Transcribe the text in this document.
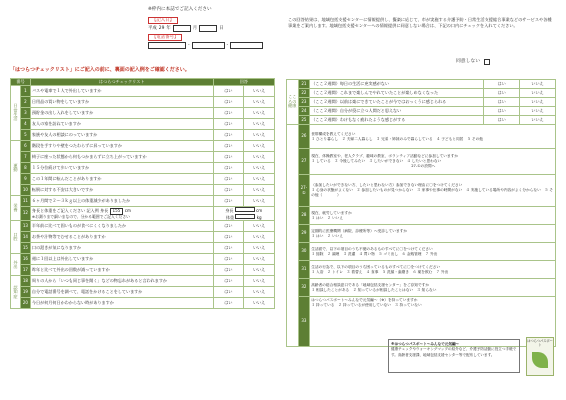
※枠内に本誌でご記入ください
【記入日】
平成 29 年	月	日
【電話番号】
-	-
この回答結果は、地域包括支援センターに情報提供し、擬楽に応じて、市が実施する介護予防・日常生活支援総合事業などのサービスや各種事業をご案内します。地域包括支援センターへの情報提供に同意しない場合は、下記の口内にチェックを入れてください。
同意しない
「はつらつチェックリスト」にご記入の前に、裏面の記入例をご確認ください。
番号		はつらつチェックリスト	回答	
日常生活	1	バスや電車で１人で外出していますか	はい	いいえ
	2	日用品の買い物をしていますか	はい	いいえ
	3	預貯金の出し入れをしていますか	はい	いいえ
	4	友人の家を訪ねていますか	はい	いいえ
	5	家族や友人の相談にのっていますか	はい	いいえ
運動	6	階段を手すりや壁をつたわらずに昇っていますか	はい	いいえ
	7	椅子に座った状態から何もつかまらずに立ち上がっていますか	はい	いいえ
	8	１５分位続けて歩いていますか	はい	いいえ
	9	この１年間に転んだことがありますか	はい	いいえ
	10	転倒に対する不安は大きいですか	はい	いいえ
栄養	11	６ヶ月間で２～３ｋｇ以上の体重減少がありましたか	はい	いいえ
	12	身長と体重をご記入ください 記入例 身長 155 cm
※お測りまで細いまなので、分かる範囲でご記入ください	身長 cm
体重 kg	
口腔	13	半年前に比べて固いものが食べにくくなりましたか	はい	いいえ
	14	お茶や汁物等でむせることがありますか	はい	いいえ
	15	口の渇きが気になりますか	はい	いいえ
外出	16	週に１回以上は外出していますか	はい	いいえ
	17	昨年と比べて外出の回数が減っていますか	はい	いいえ
認知症	18	周りの人から「いつも同じ事を聞く」などの物忘れがあると言われますか	はい	いいえ
	19	自分で電話番号を調べて、電話をかけることをしていますか	はい	いいえ
	20	今日が何月何日かわからない時がありますか	はい	いいえ
こころの健康	21	（ここ２週間）毎日の生活に充実感がない	はい	いいえ
	22	（ここ２週間）これまで楽しんでやれていたことが楽しめなくなった	はい	いいえ
	23	（ここ２週間）以前は楽にできていたことが今ではおっくうに感じられる	はい	いいえ
	24	（ここ２週間）自分が役に立つ人間だと思えない	はい	いいえ
	25	（ここ２週間）わけもなく疲れたような感じがする	はい	いいえ
	26	世帯構成を教えてください
１ ひとり暮らし　２ 夫婦二人暮らし　３ 兄弟・姉妹のみで暮らしている　４ 子どもと同居　５ その他		

	27	現在、体操教室や、老人クラブ、趣味の教室、ボランティア活動などに参加していますか
１ している　２ 今後してみたい　３ したいができない　４ したいと思わない
27-①の設問へ		

	27-①	（参加したいができない方、したいと思わない方）参加できない理由に〇をつけてください
１ 心身の状態がよくない　２ 参加したいものが見つからない　３ 家事や仕事の時間がない　４ 実施している場所や内容がよく分からない　５ その他（　　　　）		

	28	現在、就労していますか
１ はい　２ いいえ		

	29	定期的に医療機関（病院、診療所等）へ受診していますか
１ はい　２ いいえ		

	30	生活面で、以下の項目のうち不便のあるものすべてに〇をつけてください
１ 掃除　２ 調理　３ 洗濯　４ 買い物　５ ゴミ出し　６ 金銭管理　７ 外出		

	31	生活の行為で、以下の項目のうち困っているものすべてに〇をつけてください
１ 入浴　２ トイレ　３ 着替え　４ 食事　５ 洗顔・歯磨き　６ 薬を飲む　７ 外出		

	32	高齢者の総合相談窓口である「地域包括支援センター」をご存知ですか
１ 相談したことがある　２ 知っているが相談したことはない　３ 知らない		

	33	はつらつパスポート〜みんなで元気編〜（※）を持っていますか
１ 持っている　２ 持っているが使用していない　３ 持っていない		
※はつらつパスポート〜みんなで元気編〜
健康チェックやウォーキングマップの紹介など、介護予防活動に役立つ手帳です。高齢者支援課、地域包括支援センター等で配布しています。
はつらつパスポート
